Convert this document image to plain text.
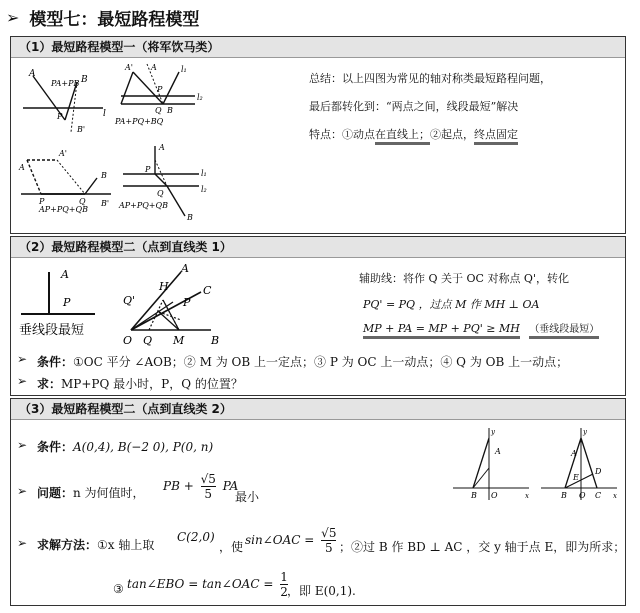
➢ 模型七：最短路程模型
（1）最短路程模型一（将军饮马类）
A
B
P
B'
l
PA+PB
A' A	l₁
l₂
P
Q B
PA+PQ+BQ
A'
A
B
P	Q B'
AP+PQ+QB
A
l₁
l₂
P
Q
B
AP+PQ+QB
总结：以上四图为常见的轴对称类最短路程问题，
最后都转化到：“两点之间，线段最短”解决
特点：①动点在直线上；②起点，终点固定
（2）最短路程模型二（点到直线类 1）
A
P
垂线段最短
O Q M B
A
H	C
P
Q'
辅助线：将作 Q 关于 OC 对称点 Q'，转化
PQ' = PQ ，过点 M 作 MH ⊥ OA
MP + PA = MP + PQ' ≥ MH （垂线段最短）
➢ 条件：①OC 平分 ∠AOB；② M 为 OB 上一定点；③ P 为 OC 上一动点；④ Q 为 OB 上一动点；
➢ 求：MP+PQ 最小时，P，Q 的位置？
（3）最短路程模型二（点到直线类 2）
y
A
B O	x
y
A
D
E
B O C x
➢ 条件：A(0,4), B(−2 0), P(0, n)
➢ 问题：n 为何值时， PB + $\frac{√5}{5}$ PA
最小
➢ 求解方法：①x 轴上取
C(2,0)
，使 sin∠OAC = $\frac{√5}{5}$ ；②过 B 作 BD ⊥ AC ，交 y 轴于点 E，即为所求；
③ tan∠EBO = tan∠OAC = $\frac{1}{2}$ ，即 E(0,1).
